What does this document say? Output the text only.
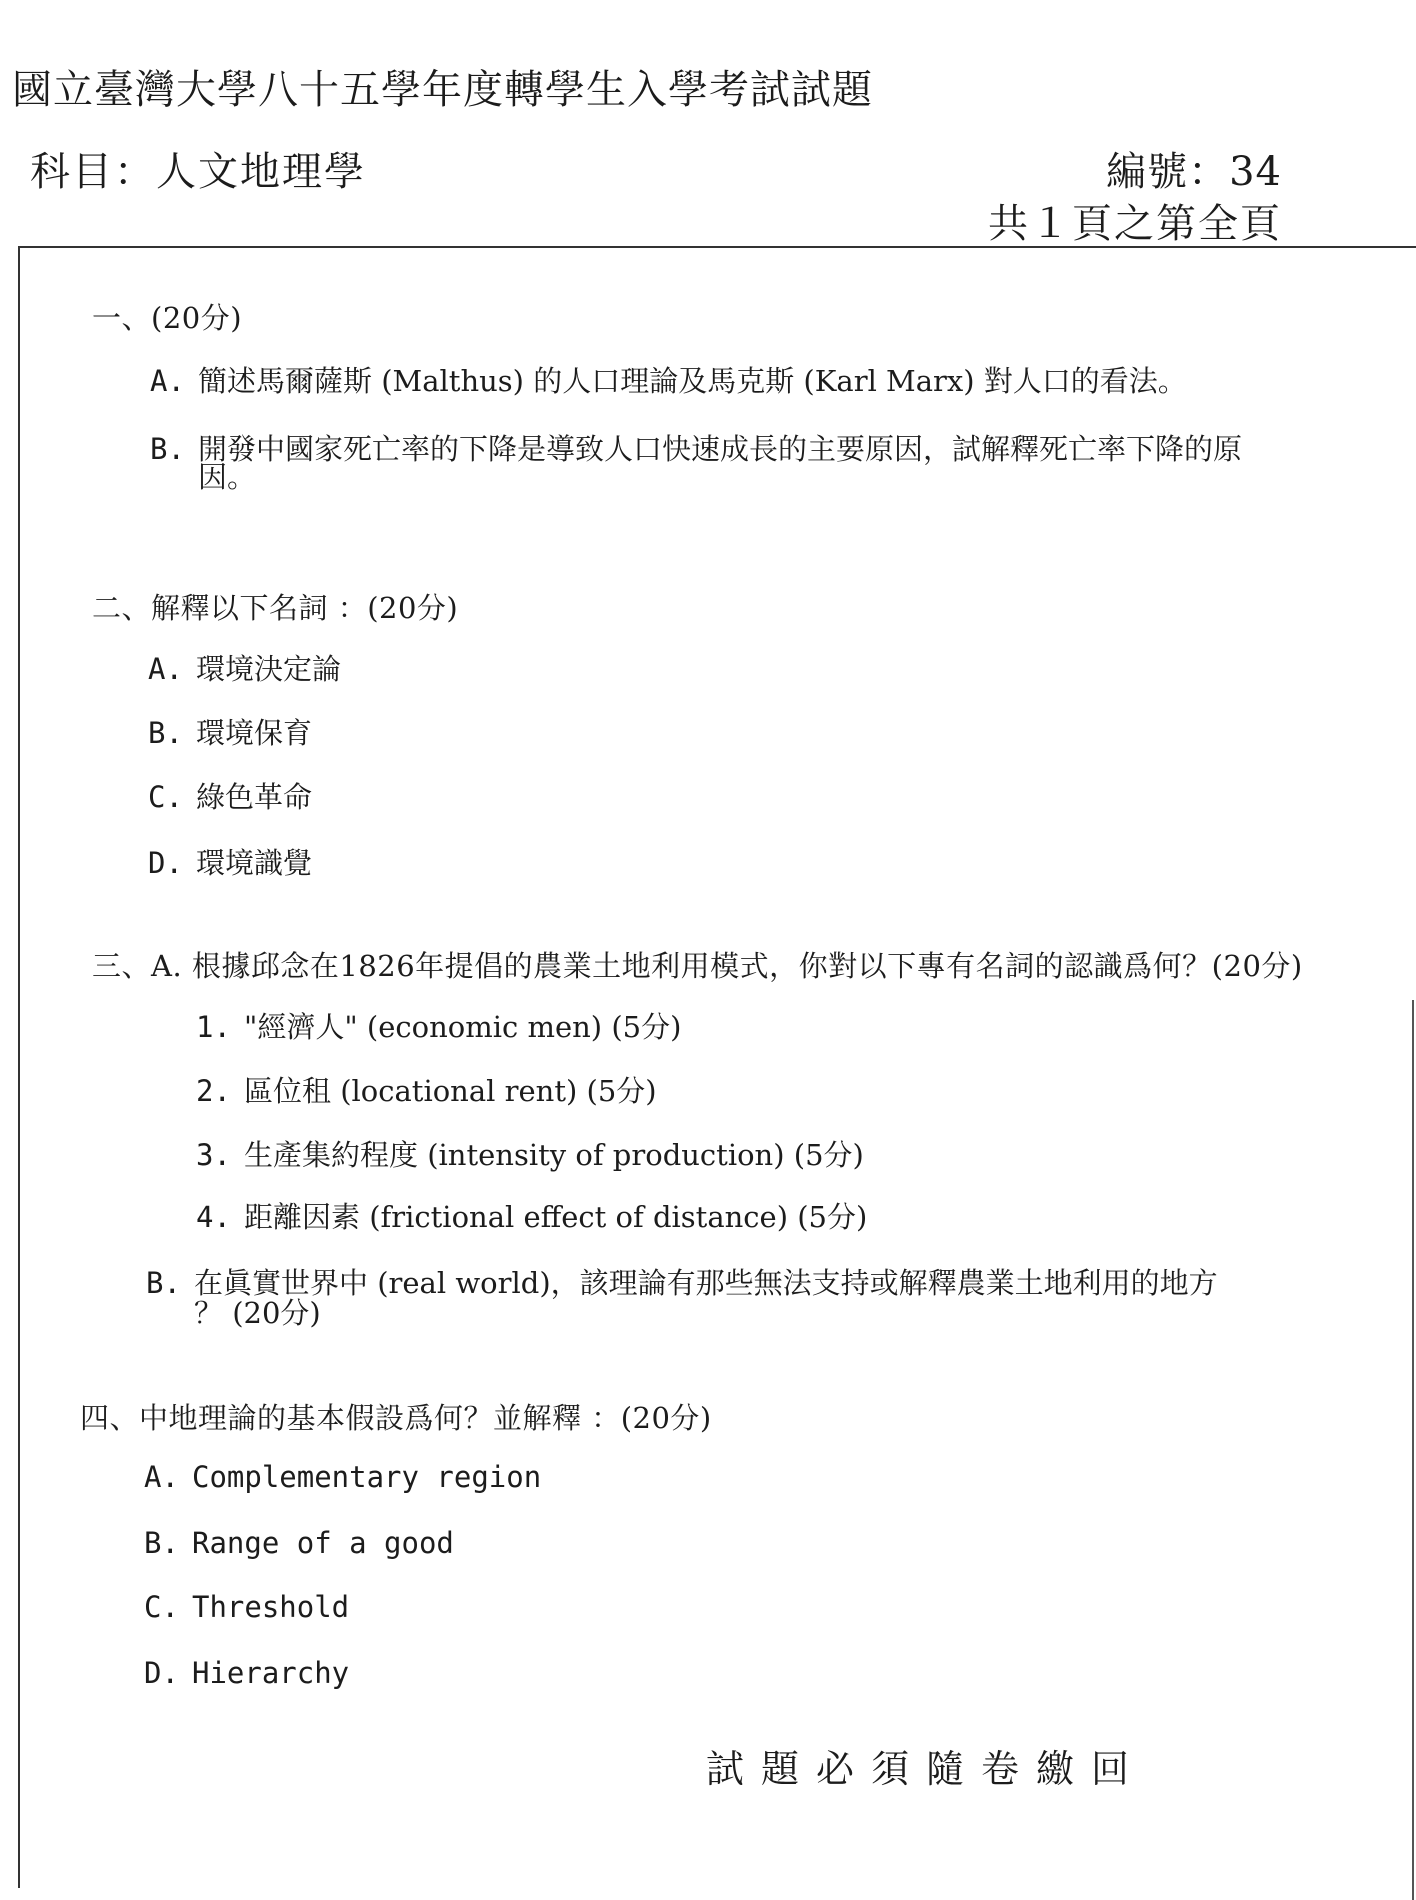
國立臺灣大學八十五學年度轉學生入學考試試題
科目：人文地理學	編號：34
共１頁之第全頁
一、(20分)
A. 簡述馬爾薩斯 (Malthus) 的人口理論及馬克斯 (Karl Marx) 對人口的看法。
B. 開發中國家死亡率的下降是導致人口快速成長的主要原因，試解釋死亡率下降的原
因。
二、解釋以下名詞 ：(20分)
A. 環境決定論
B. 環境保育
C. 綠色革命
D. 環境識覺
三、A. 根據邱念在1826年提倡的農業土地利用模式，你對以下專有名詞的認識爲何？(20分)
1. "經濟人" (economic men) (5分)
2. 區位租 (locational rent) (5分)
3. 生產集約程度 (intensity of production) (5分)
4. 距離因素 (frictional effect of distance) (5分)
B. 在眞實世界中 (real world)，該理論有那些無法支持或解釋農業土地利用的地方
？ (20分)
四、中地理論的基本假設爲何？並解釋 ：(20分)
A. Complementary region
B. Range of a good
C. Threshold
D. Hierarchy
試題必須隨卷繳回
